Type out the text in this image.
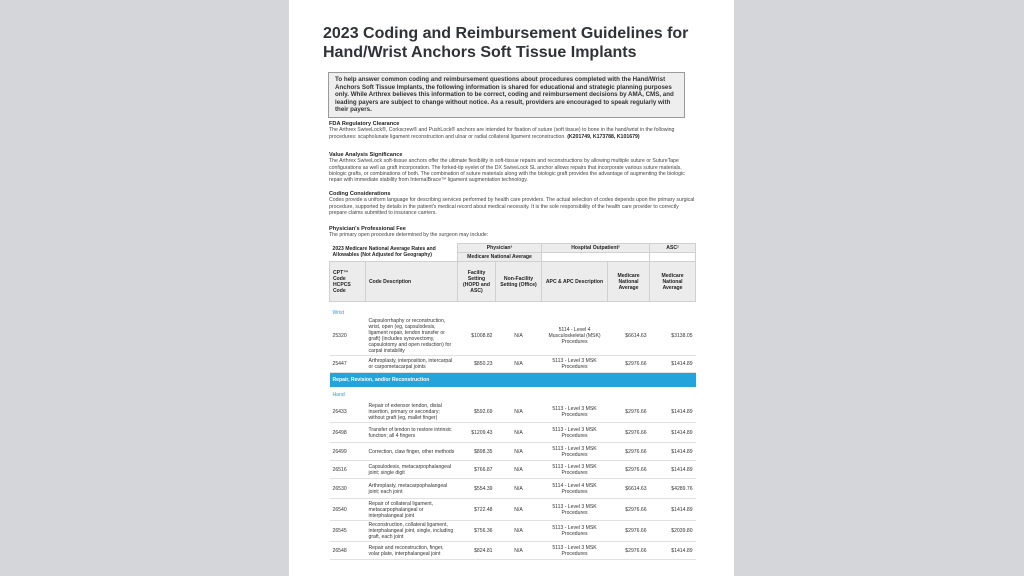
2023 Coding and Reimbursement Guidelines for Hand/Wrist Anchors Soft Tissue Implants
To help answer common coding and reimbursement questions about procedures completed with the Hand/Wrist Anchors Soft Tissue Implants, the following information is shared for educational and strategic planning purposes only. While Arthrex believes this information to be correct, coding and reimbursement decisions by AMA, CMS, and leading payers are subject to change without notice. As a result, providers are encouraged to speak regularly with their payers.
FDA Regulatory Clearance
The Arthrex SwiveLock®, Corkscrew® and PushLock® anchors are intended for fixation of suture (soft tissue) to bone in the hand/wrist in the following procedures: scapholunate ligament reconstruction and ulnar or radial collateral ligament reconstruction. (K201749, K173788, K101679)
Value Analysis Significance
The Arthrex SwiveLock soft-tissue anchors offer the ultimate flexibility in soft-tissue repairs and reconstructions by allowing multiple suture or SutureTape configurations as well as graft incorporation. The forked-tip eyelet of the DX SwiveLock SL anchor allows repairs that incorporate various suture materials, biologic grafts, or combinations of both. The combination of suture materials along with the biologic graft provides the advantage of augmenting the biologic repair with immediate stability from InternalBrace™ ligament augmentation technology.
Coding Considerations
Codes provide a uniform language for describing services performed by health care providers. The actual selection of codes depends upon the primary surgical procedure, supported by details in the patient's medical record about medical necessity. It is the sole responsibility of the health care provider to correctly prepare claims submitted to insurance carriers.
Physician's Professional Fee
The primary open procedure determined by the surgeon may include:
2023 Medicare National Average Rates and Allowables (Not Adjusted for Geography)		Physician³		Hospital Outpatient²		ASC²
		Medicare National Average				
CPT™ Code HCPCS Code	Code Description	Facility Setting (HOPD and ASC)	Non-Facility Setting (Office)	APC & APC Description	Medicare National Average	Medicare National Average
Wrist						
25320	Capsulorrhaphy or reconstruction, wrist, open (eg, capsulodesis, ligament repair, tendon transfer or graft) (includes synovectomy, capsulotomy and open reduction) for carpal instability	$1008.82	N/A	5114 - Level 4 Musculoskeletal (MSK) Procedures	$6614.63	$3138.05
25447	Arthroplasty, interposition, intercarpal or carpometacarpal joints	$850.23	N/A	5113 - Level 3 MSK Procedures	$2976.66	$1414.89
Repair, Revision, and/or Reconstruction						
Hand						
26433	Repair of extensor tendon, distal insertion, primary or secondary; without graft (eg, mallet finger)	$592.69	N/A	5113 - Level 3 MSK Procedures	$2976.66	$1414.89
26498	Transfer of tendon to restore intrinsic function; all 4 fingers	$1209.43	N/A	5113 - Level 3 MSK Procedures	$2976.66	$1414.89
26499	Correction, claw finger, other methods	$898.35	N/A	5113 - Level 3 MSK Procedures	$2976.66	$1414.89
26516	Capsulodesis, metacarpophalangeal joint; single digit	$766.87	N/A	5113 - Level 3 MSK Procedures	$2976.66	$1414.89
26530	Arthroplasty, metacarpophalangeal joint; each joint	$554.39	N/A	5114 - Level 4 MSK Procedures	$6614.63	$4289.76
26540	Repair of collateral ligament, metacarpophalangeal or interphalangeal joint	$722.48	N/A	5113 - Level 3 MSK Procedures	$2976.66	$1414.89
26545	Reconstruction, collateral ligament, interphalangeal joint, single, including graft, each joint	$756.36	N/A	5113 - Level 3 MSK Procedures	$2976.66	$2039.80
26548	Repair and reconstruction, finger, volar plate, interphalangeal joint	$824.81	N/A	5113 - Level 3 MSK Procedures	$2976.66	$1414.89
